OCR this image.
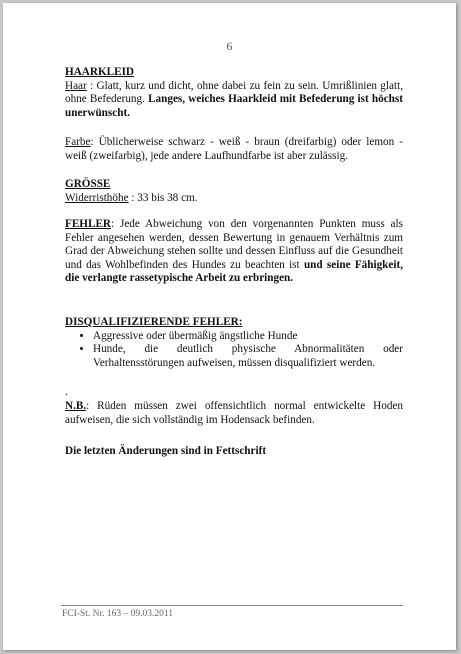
6
HAARKLEID
Haar : Glatt, kurz und dicht, ohne dabei zu fein zu sein. Umrißlinien glatt, ohne Befederung. Langes, weiches Haarkleid mit Befederung ist höchst unerwünscht.
Farbe: Üblicherweise schwarz - weiß - braun (dreifarbig) oder lemon - weiß (zweifarbig), jede andere Laufhundfarbe ist aber zulässig.
GRÖSSE
Widerristhöhe : 33 bis 38 cm.
FEHLER: Jede Abweichung von den vorgenannten Punkten muss als Fehler angesehen werden, dessen Bewertung in genauem Verhältnis zum Grad der Abweichung stehen sollte und dessen Einfluss auf die Gesundheit und das Wohlbefinden des Hundes zu beachten ist und seine Fähigkeit, die verlangte rassetypische Arbeit zu erbringen.
DISQUALIFIZIERENDE FEHLER:
• Aggressive oder übermäßig ängstliche Hunde
• Hunde, die deutlich physische Abnormalitäten oder Verhaltensstörungen aufweisen, müssen disqualifiziert werden.
.
N.B.: Rüden müssen zwei offensichtlich normal entwickelte Hoden aufweisen, die sich vollständig im Hodensack befinden.
Die letzten Änderungen sind in Fettschrift
FCI-St. Nr. 163 – 09.03.2011
